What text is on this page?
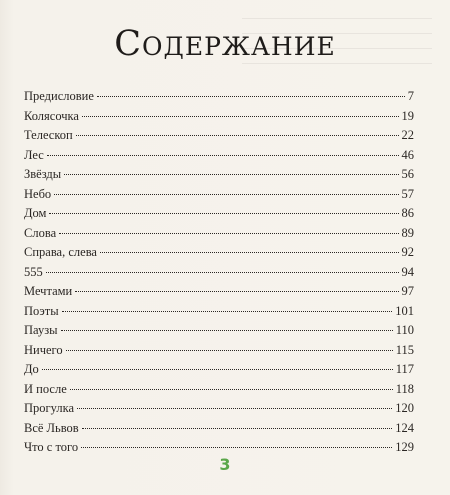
Содержание
Предисловие	7
Колясочка	19
Телескоп	22
Лес	46
Звёзды	56
Небо	57
Дом	86
Слова	89
Справа, слева	92
555	94
Мечтами	97
Поэты	101
Паузы	110
Ничего	115
До	117
И после	118
Прогулка	120
Всё Львов	124
Что с того	129
3
